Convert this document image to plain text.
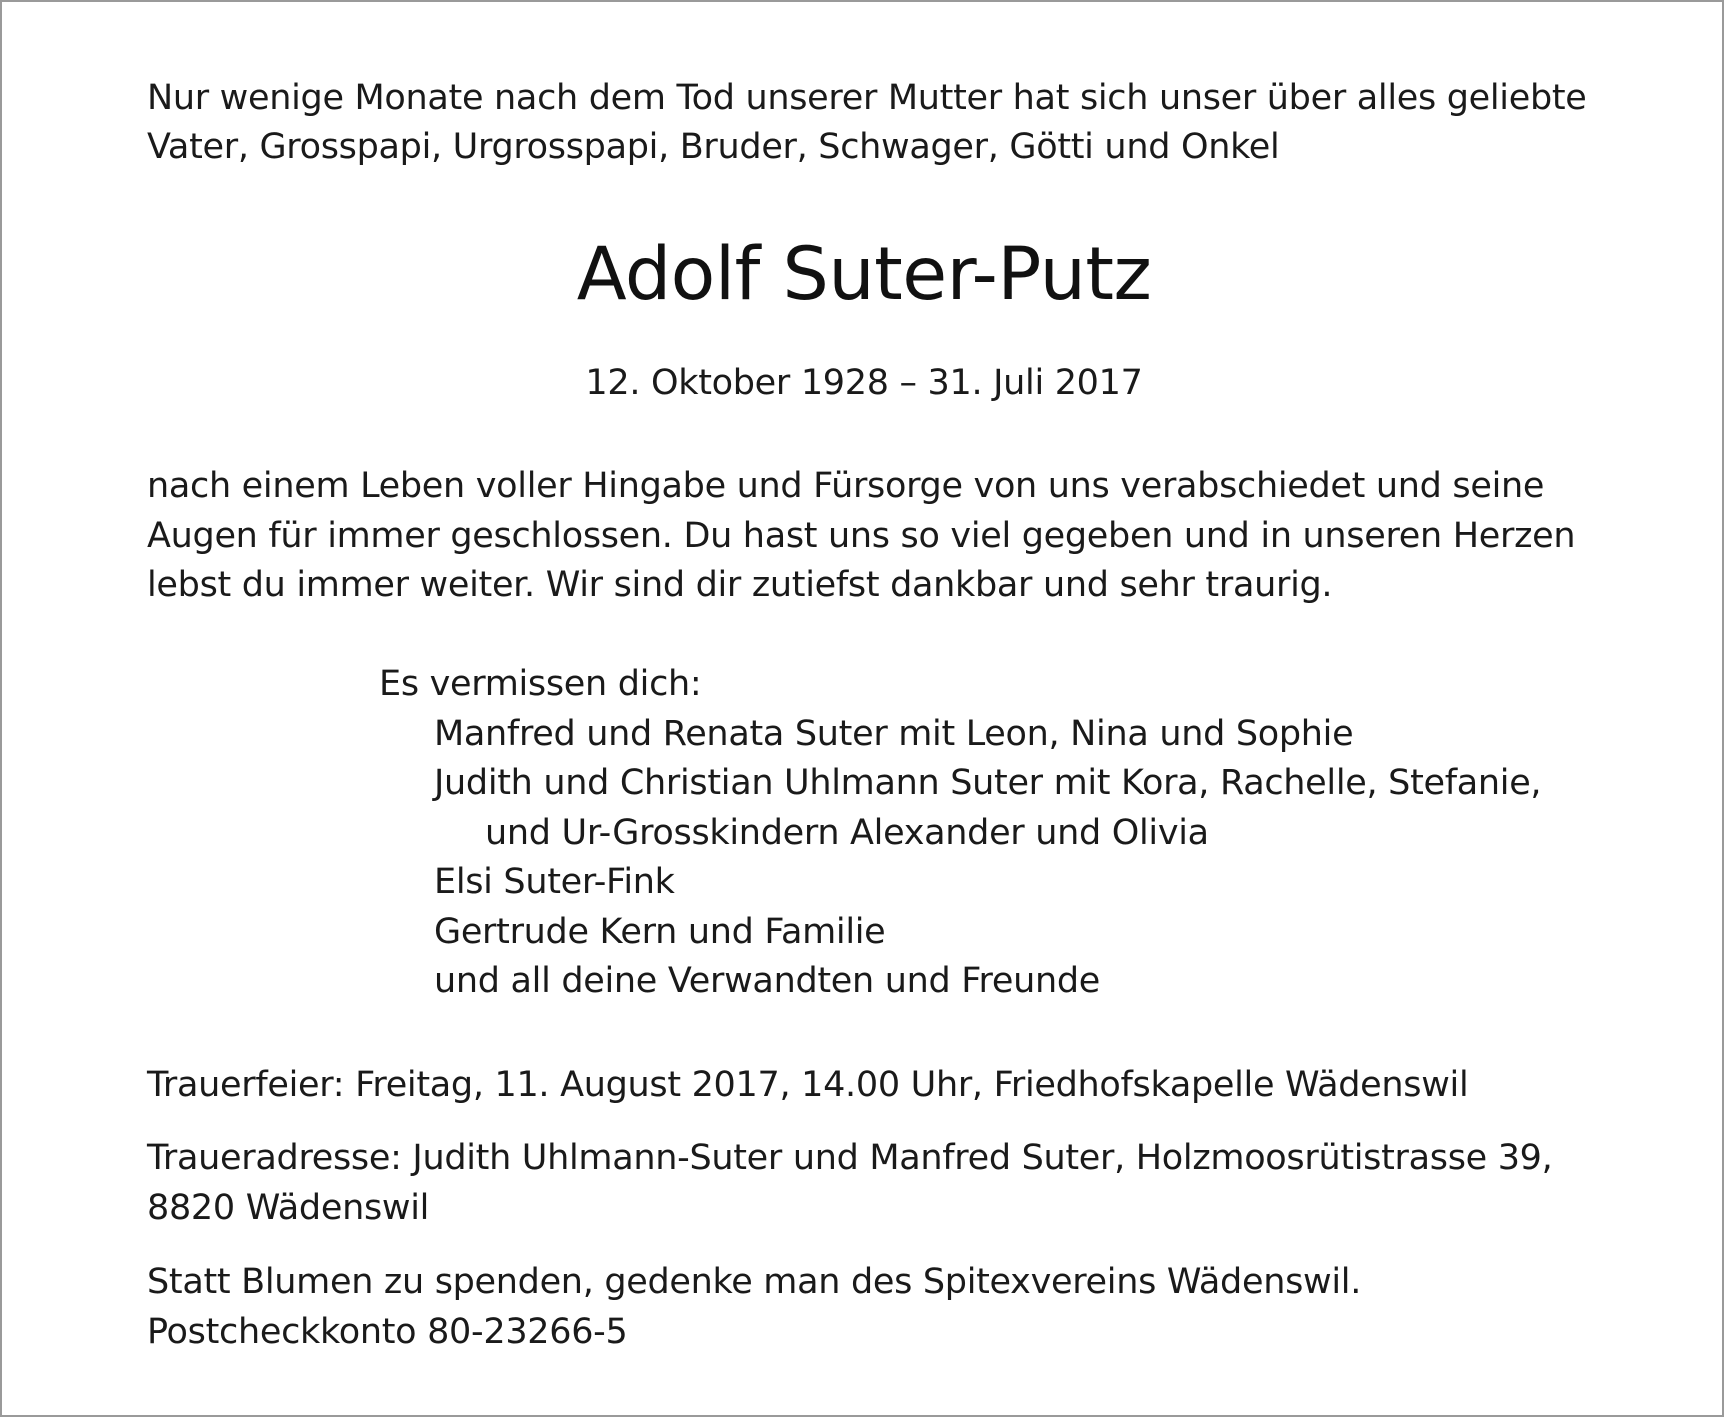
Nur wenige Monate nach dem Tod unserer Mutter hat sich unser über alles geliebte
Vater, Grosspapi, Urgrosspapi, Bruder, Schwager, Götti und Onkel
Adolf Suter-Putz
12. Oktober 1928 – 31. Juli 2017
nach einem Leben voller Hingabe und Fürsorge von uns verabschiedet und seine
Augen für immer geschlossen. Du hast uns so viel gegeben und in unseren Herzen
lebst du immer weiter. Wir sind dir zutiefst dankbar und sehr traurig.
Es vermissen dich:
Manfred und Renata Suter mit Leon, Nina und Sophie
Judith und Christian Uhlmann Suter mit Kora, Rachelle, Stefanie,
und Ur-Grosskindern Alexander und Olivia
Elsi Suter-Fink
Gertrude Kern und Familie
und all deine Verwandten und Freunde
Trauerfeier: Freitag, 11. August 2017, 14.00 Uhr, Friedhofskapelle Wädenswil
Traueradresse: Judith Uhlmann-Suter und Manfred Suter, Holzmoosrütistrasse 39,
8820 Wädenswil
Statt Blumen zu spenden, gedenke man des Spitexvereins Wädenswil.
Postcheckkonto 80-23266-5
